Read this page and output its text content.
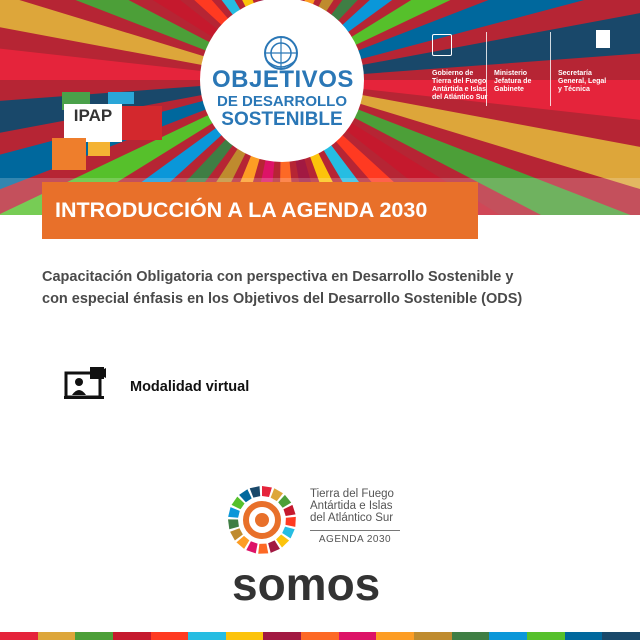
OBJETIVOS
DE DESARROLLO
SOSTENIBLE
IPAP
Gobierno de
Tierra del Fuego
Antártida e Islas
del Atlántico Sur
Ministerio
Jefatura de
Gabinete
Secretaría
General, Legal
y Técnica
INTRODUCCIÓN A LA AGENDA 2030
Capacitación Obligatoria con perspectiva en Desarrollo Sostenible y
con especial énfasis en los Objetivos del Desarrollo Sostenible (ODS)
Modalidad virtual
Tierra del Fuego
Antártida e Islas
del Atlántico Sur
AGENDA 2030
somos
